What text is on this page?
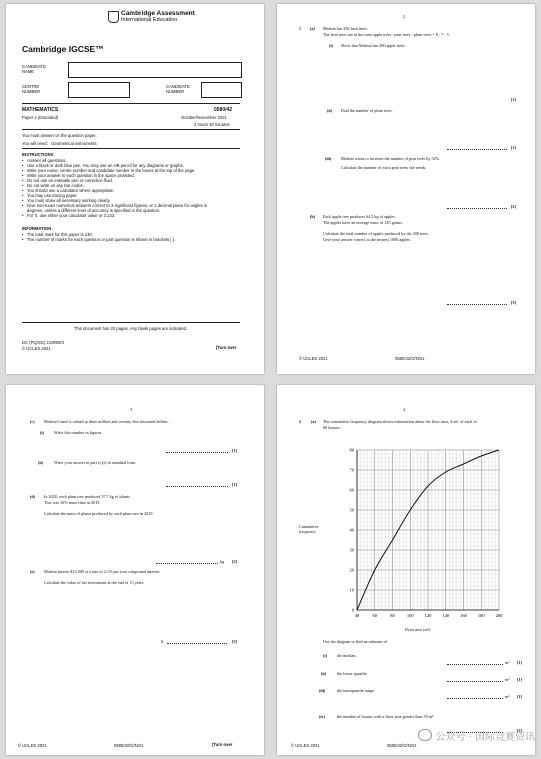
Cambridge Assessment
International Education
Cambridge IGCSE™
CANDIDATE
NAME
CENTRE
NUMBER
CANDIDATE
NUMBER
MATHEMATICS	0580/42
Paper 4 (Extended)	October/November 2021
2 hours 30 minutes
You must answer on the question paper.
You will need: Geometrical instruments
INSTRUCTIONS
• Answer all questions.
• Use a black or dark blue pen. You may use an HB pencil for any diagrams or graphs.
• Write your name, centre number and candidate number in the boxes at the top of the page.
• Write your answer to each question in the space provided.
• Do not use an erasable pen or correction fluid.
• Do not write on any bar codes.
• You should use a calculator where appropriate.
• You may use tracing paper.
• You must show all necessary working clearly.
• Give non-exact numerical answers correct to 3 significant figures, or 1 decimal place for angles in
degrees, unless a different level of accuracy is specified in the question.
• For π, use either your calculator value or 3.142.
INFORMATION
• The total mark for this paper is 130.
• The number of marks for each question or part question is shown in brackets [ ].
This document has 20 pages. Any blank pages are indicated.
DC (PQ/SG) 210809/3
© UCLES 2021	[Turn over
2
1 (a) Malena has 450 fruit trees.
The fruit trees are in the ratio apple trees : pear trees : plum trees = 8 : 7 : 3.
(i) Show that Malena has 200 apple trees.
[1]
(ii) Find the number of plum trees.
[1]
(iii) Malena wants to increase the number of pear trees by 32%.
Calculate the number of extra pear trees she needs.
[2]
(b) Each apple tree produces 64.5 kg of apples.
The apples have an average mass of 145 grams.
Calculate the total number of apples produced by the 200 trees.
Give your answer correct to the nearest 1000 apples.
[3]
© UCLES 2021	0580/42/O/N/21
3
(c) Malena’s land is valued at three million and seventy-five thousand dollars.
(i) Write this number in figures.
[1]
(ii)	Write your answer to part (c)(i) in standard form.
[1]
(d) In 2020, each plum tree produced 37.7 kg of plums.
This was 16% more than in 2019.
Calculate the mass of plums produced by each plum tree in 2019.
kg [2]
(e) Malena invests $13 000 at a rate of 2.1% per year compound interest.
Calculate the value of her investment at the end of 15 years.
$	[3]
© UCLES 2021	0580/42/O/N/21	[Turn over
4
2 (a) The cumulative frequency diagram shows information about the floor area, A m², of each of
80 houses.
Cumulative
frequency
0
10
20
30
40
50
60
70
80
40	60	80	100 120 140 160 180 200
Floor area (m²)
Use the diagram to find an estimate of
(i) the median,
m² [1]
(ii)	the lower quartile,
m² [1]
(iii)	the interquartile range,
m² [1]
(iv)	the number of houses with a floor area greater than 70 m².
[2]
© UCLES 2021	0580/42/O/N/21
公众号 · 国际竞赛资讯
